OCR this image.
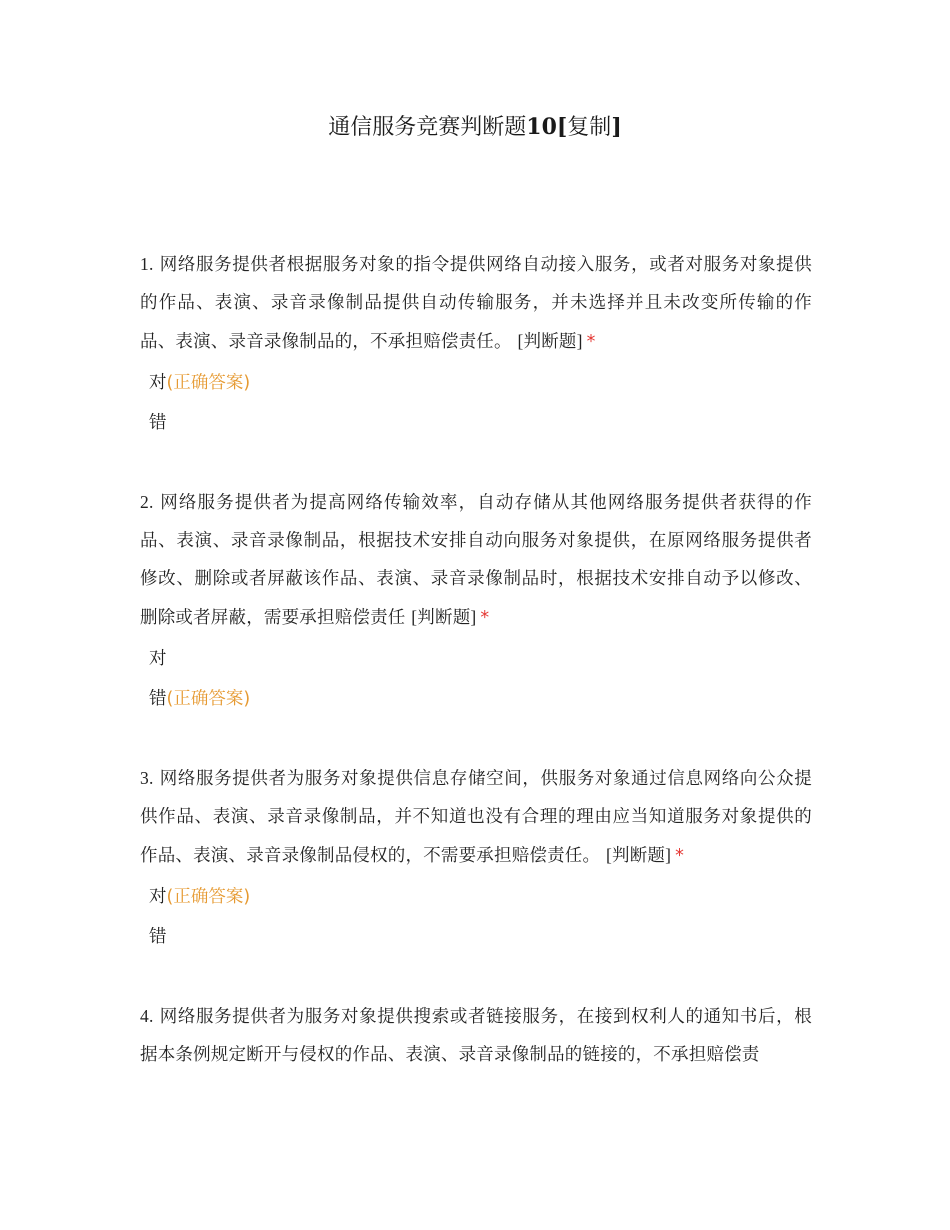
通信服务竞赛判断题10[复制]

1. 网络服务提供者根据服务对象的指令提供网络自动接入服务，或者对服务对象提供的作品、表演、录音录像制品提供自动传输服务，并未选择并且未改变所传输的作品、表演、录音录像制品的，不承担赔偿责任。 [判断题] *

对(正确答案)
错

2. 网络服务提供者为提高网络传输效率，自动存储从其他网络服务提供者获得的作品、表演、录音录像制品，根据技术安排自动向服务对象提供，在原网络服务提供者修改、删除或者屏蔽该作品、表演、录音录像制品时，根据技术安排自动予以修改、删除或者屏蔽，需要承担赔偿责任 [判断题] *

对
错(正确答案)

3. 网络服务提供者为服务对象提供信息存储空间，供服务对象通过信息网络向公众提供作品、表演、录音录像制品，并不知道也没有合理的理由应当知道服务对象提供的作品、表演、录音录像制品侵权的，不需要承担赔偿责任。 [判断题] *

对(正确答案)
错

4. 网络服务提供者为服务对象提供搜索或者链接服务，在接到权利人的通知书后，根据本条例规定断开与侵权的作品、表演、录音录像制品的链接的，不承担赔偿责
